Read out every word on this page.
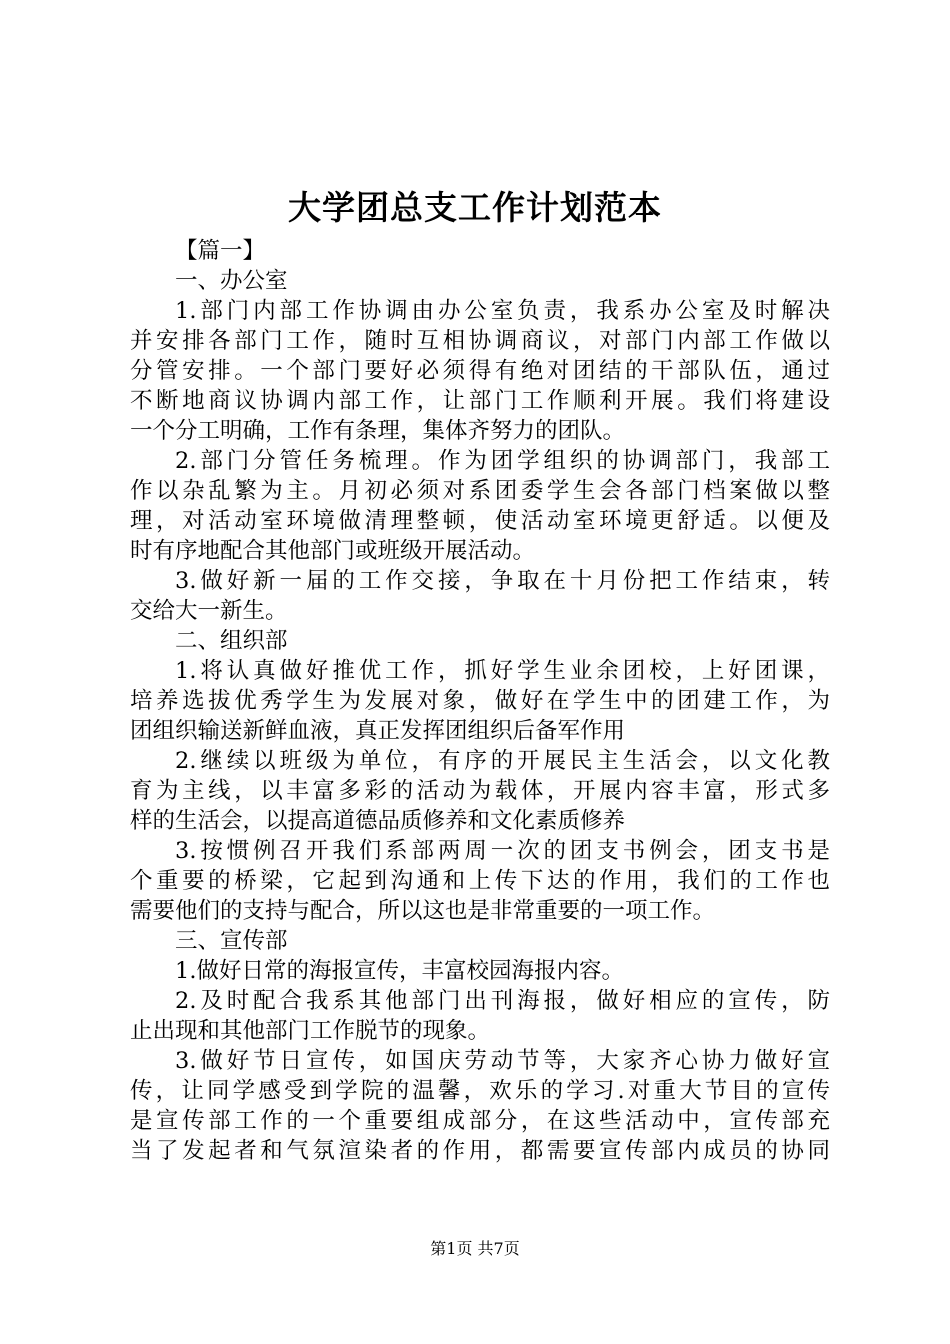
大学团总支工作计划范本
【篇一】
一、办公室
1.部门内部工作协调由办公室负责，我系办公室及时解决
并安排各部门工作，随时互相协调商议，对部门内部工作做以
分管安排。一个部门要好必须得有绝对团结的干部队伍，通过
不断地商议协调内部工作，让部门工作顺利开展。我们将建设
一个分工明确，工作有条理，集体齐努力的团队。
2.部门分管任务梳理。作为团学组织的协调部门，我部工
作以杂乱繁为主。月初必须对系团委学生会各部门档案做以整
理，对活动室环境做清理整顿，使活动室环境更舒适。以便及
时有序地配合其他部门或班级开展活动。
3.做好新一届的工作交接，争取在十月份把工作结束，转
交给大一新生。
二、组织部
1.将认真做好推优工作，抓好学生业余团校，上好团课，
培养选拔优秀学生为发展对象，做好在学生中的团建工作，为
团组织输送新鲜血液，真正发挥团组织后备军作用
2.继续以班级为单位，有序的开展民主生活会，以文化教
育为主线，以丰富多彩的活动为载体，开展内容丰富，形式多
样的生活会，以提高道德品质修养和文化素质修养
3.按惯例召开我们系部两周一次的团支书例会，团支书是
个重要的桥梁，它起到沟通和上传下达的作用，我们的工作也
需要他们的支持与配合，所以这也是非常重要的一项工作。
三、宣传部
1.做好日常的海报宣传，丰富校园海报内容。
2.及时配合我系其他部门出刊海报，做好相应的宣传，防
止出现和其他部门工作脱节的现象。
3.做好节日宣传，如国庆劳动节等，大家齐心协力做好宣
传，让同学感受到学院的温馨，欢乐的学习.对重大节目的宣传
是宣传部工作的一个重要组成部分，在这些活动中，宣传部充
当了发起者和气氛渲染者的作用，都需要宣传部内成员的协同
第1页 共7页
